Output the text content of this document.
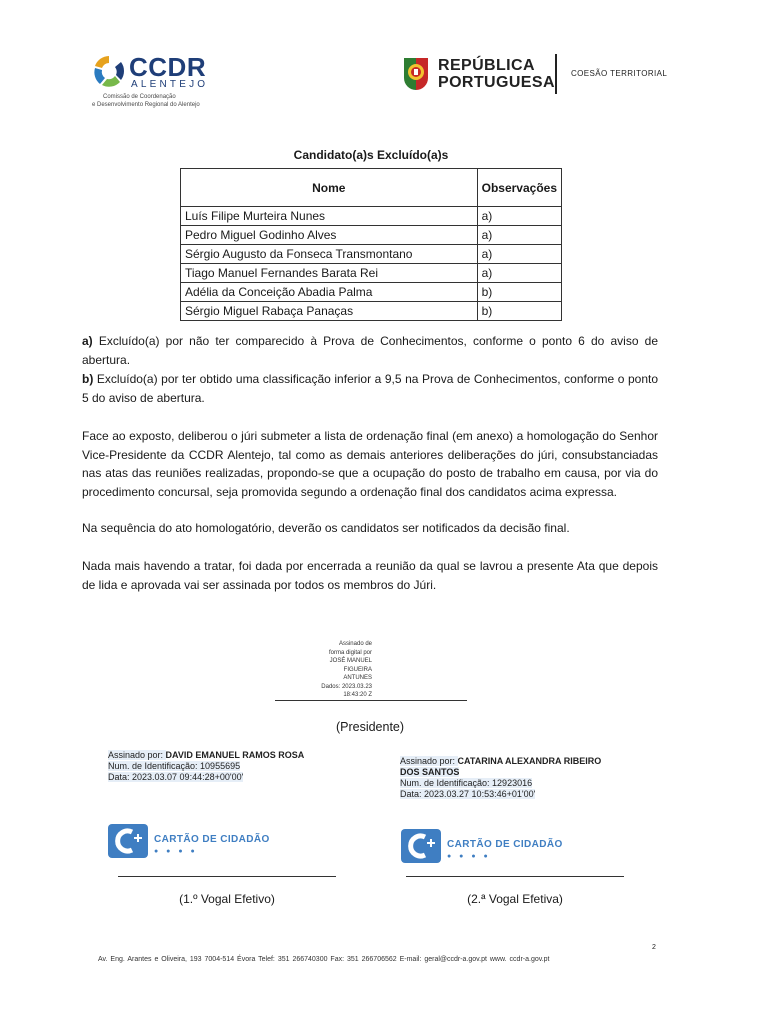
CCDR
ALENTEJO
Comissão de Coordenação
e Desenvolvimento Regional do Alentejo
REPÚBLICA
PORTUGUESA
COESÃO TERRITORIAL
Candidato(a)s Excluído(a)s
Nome	Observações
Luís Filipe Murteira Nunes	a)
Pedro Miguel Godinho Alves	a)
Sérgio Augusto da Fonseca Transmontano	a)
Tiago Manuel Fernandes Barata Rei	a)
Adélia da Conceição Abadia Palma	b)
Sérgio Miguel Rabaça Panaças	b)
a) Excluído(a) por não ter comparecido à Prova de Conhecimentos, conforme o ponto 6 do aviso de abertura.
b) Excluído(a) por ter obtido uma classificação inferior a 9,5 na Prova de Conhecimentos, conforme o ponto 5 do aviso de abertura.
Face ao exposto, deliberou o júri submeter a lista de ordenação final (em anexo) a homologação do Senhor Vice-Presidente da CCDR Alentejo, tal como as demais anteriores deliberações do júri, consubstanciadas nas atas das reuniões realizadas, propondo-se que a ocupação do posto de trabalho em causa, por via do procedimento concursal, seja promovida segundo a ordenação final dos candidatos acima expressa.
Na sequência do ato homologatório, deverão os candidatos ser notificados da decisão final.
Nada mais havendo a tratar, foi dada por encerrada a reunião da qual se lavrou a presente Ata que depois de lida e aprovada vai ser assinada por todos os membros do Júri.
Assinado de
forma digital por
JOSÉ MANUEL
FIGUEIRA
ANTUNES
Dados: 2023.03.23
18:43:20 Z
(Presidente)
Assinado por: DAVID EMANUEL RAMOS ROSA
Num. de Identificação: 10955695
Data: 2023.03.07 09:44:28+00'00'
CARTÃO DE CIDADÃO
● ● ● ●
(1.º Vogal Efetivo)
Assinado por: CATARINA ALEXANDRA RIBEIRO
DOS SANTOS
Num. de Identificação: 12923016
Data: 2023.03.27 10:53:46+01'00'
CARTÃO DE CIDADÃO
● ● ● ●
(2.ª Vogal Efetiva)
2
Av. Eng. Arantes e Oliveira, 193 7004-514 Évora Telef: 351 266740300 Fax: 351 266706562 E-mail: geral@ccdr-a.gov.pt www. ccdr-a.gov.pt
